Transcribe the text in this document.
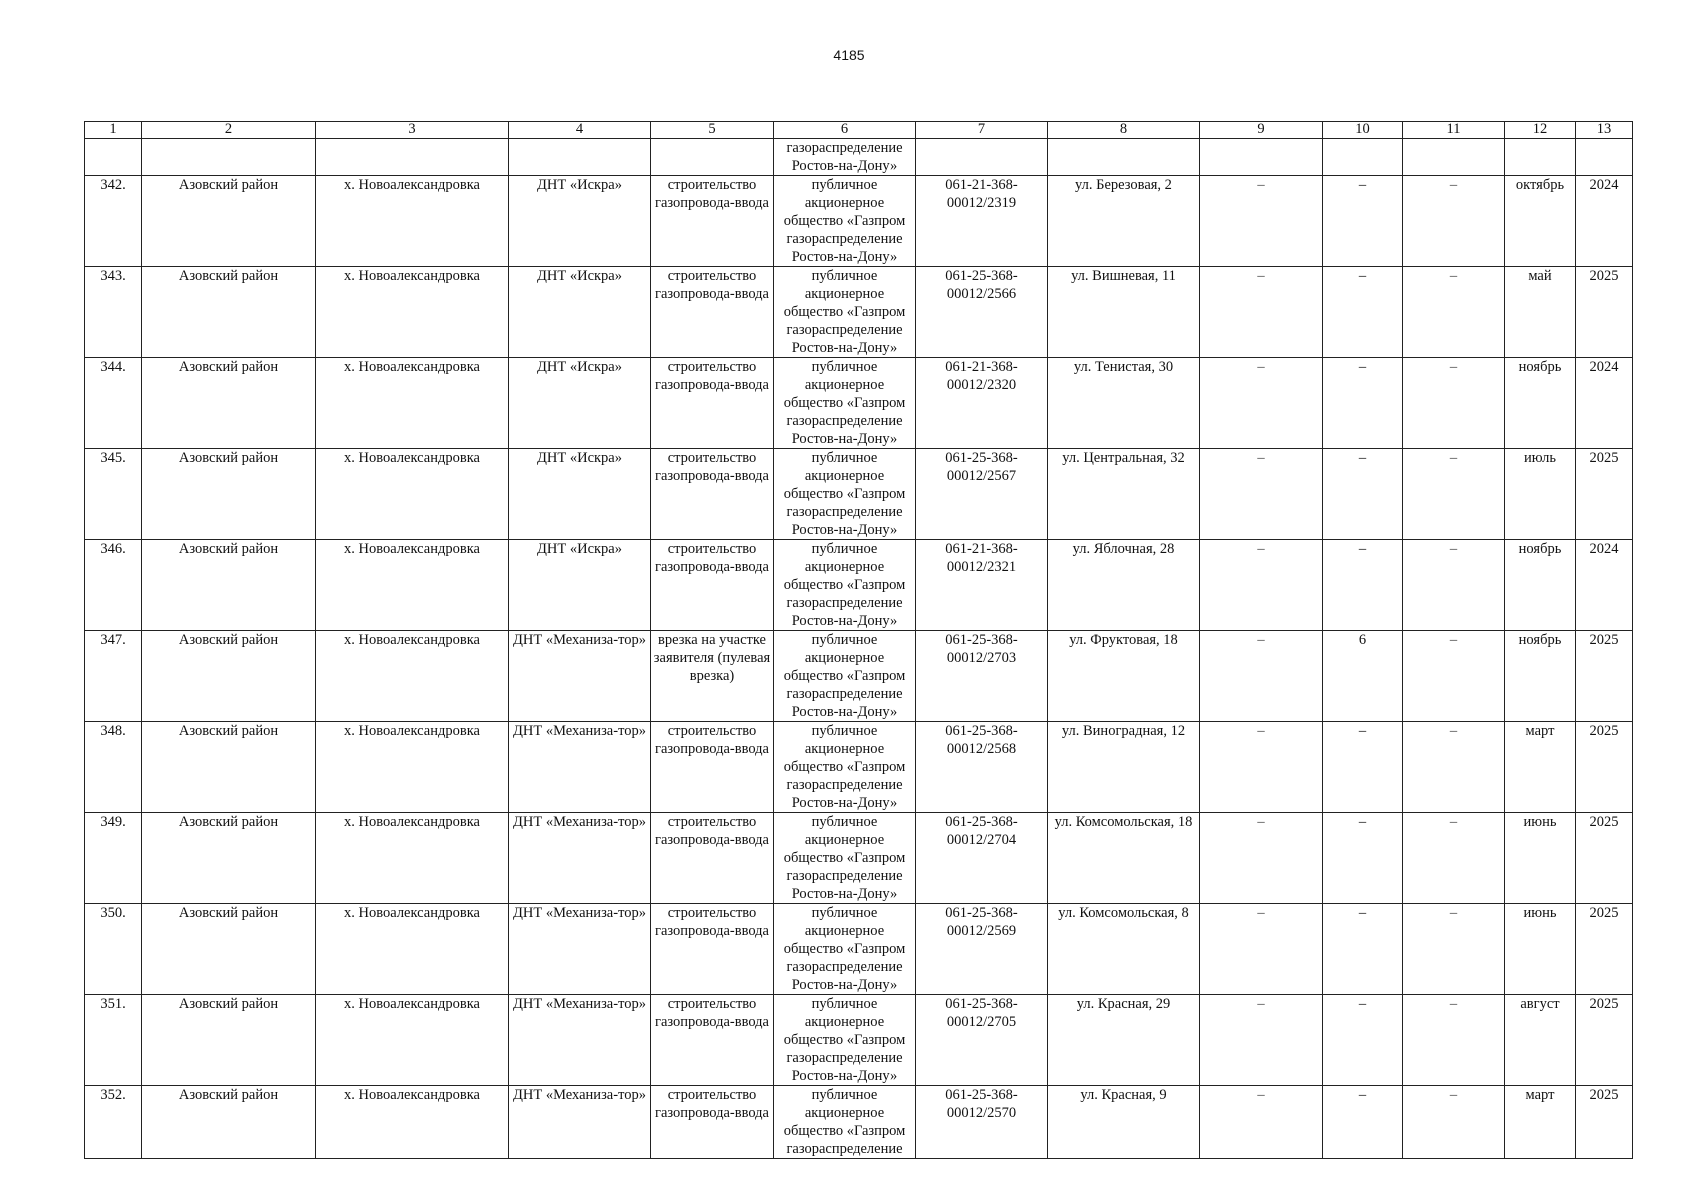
4185
1	2	3	4	5	6	7	8	9	10	11	12	13
					газораспределение Ростов-на-Дону»							
342.	Азовский район	х. Новоалександровка	ДНТ «Искра»	строительство газопровода-ввода	публичное акционерное общество «Газпром газораспределение Ростов-на-Дону»	061-21-368-00012/2319	ул. Березовая, 2	–	–	–	октябрь	2024
343.	Азовский район	х. Новоалександровка	ДНТ «Искра»	строительство газопровода-ввода	публичное акционерное общество «Газпром газораспределение Ростов-на-Дону»	061-25-368-00012/2566	ул. Вишневая, 11	–	–	–	май	2025
344.	Азовский район	х. Новоалександровка	ДНТ «Искра»	строительство газопровода-ввода	публичное акционерное общество «Газпром газораспределение Ростов-на-Дону»	061-21-368-00012/2320	ул. Тенистая, 30	–	–	–	ноябрь	2024
345.	Азовский район	х. Новоалександровка	ДНТ «Искра»	строительство газопровода-ввода	публичное акционерное общество «Газпром газораспределение Ростов-на-Дону»	061-25-368-00012/2567	ул. Центральная, 32	–	–	–	июль	2025
346.	Азовский район	х. Новоалександровка	ДНТ «Искра»	строительство газопровода-ввода	публичное акционерное общество «Газпром газораспределение Ростов-на-Дону»	061-21-368-00012/2321	ул. Яблочная, 28	–	–	–	ноябрь	2024
347.	Азовский район	х. Новоалександровка	ДНТ «Механиза-тор»	врезка на участке заявителя (пулевая врезка)	публичное акционерное общество «Газпром газораспределение Ростов-на-Дону»	061-25-368-00012/2703	ул. Фруктовая, 18	–	6	–	ноябрь	2025
348.	Азовский район	х. Новоалександровка	ДНТ «Механиза-тор»	строительство газопровода-ввода	публичное акционерное общество «Газпром газораспределение Ростов-на-Дону»	061-25-368-00012/2568	ул. Виноградная, 12	–	–	–	март	2025
349.	Азовский район	х. Новоалександровка	ДНТ «Механиза-тор»	строительство газопровода-ввода	публичное акционерное общество «Газпром газораспределение Ростов-на-Дону»	061-25-368-00012/2704	ул. Комсомольская, 18	–	–	–	июнь	2025
350.	Азовский район	х. Новоалександровка	ДНТ «Механиза-тор»	строительство газопровода-ввода	публичное акционерное общество «Газпром газораспределение Ростов-на-Дону»	061-25-368-00012/2569	ул. Комсомольская, 8	–	–	–	июнь	2025
351.	Азовский район	х. Новоалександровка	ДНТ «Механиза-тор»	строительство газопровода-ввода	публичное акционерное общество «Газпром газораспределение Ростов-на-Дону»	061-25-368-00012/2705	ул. Красная, 29	–	–	–	август	2025
352.	Азовский район	х. Новоалександровка	ДНТ «Механиза-тор»	строительство газопровода-ввода	публичное акционерное общество «Газпром газораспределение	061-25-368-00012/2570	ул. Красная, 9	–	–	–	март	2025
